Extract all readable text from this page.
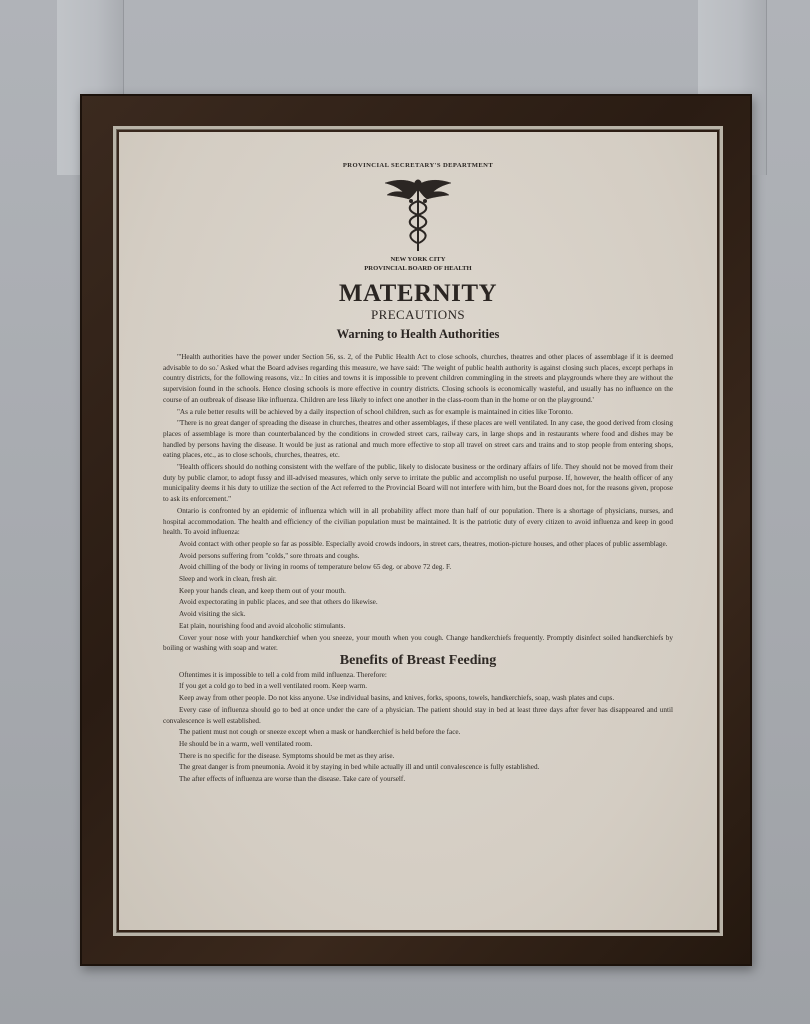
PROVINCIAL SECRETARY'S DEPARTMENT
NEW YORK CITY
PROVINCIAL BOARD OF HEALTH
MATERNITY
PRECAUTIONS
Warning to Health Authorities

"'Health authorities have the power under Section 56, ss. 2, of the Public Health Act to close schools, churches, theatres and other places of assemblage if it is deemed advisable to do so.' Asked what the Board advises regarding this measure, we have said: 'The weight of public health authority is against closing such places, except perhaps in country districts, for the following reasons, viz.: In cities and towns it is impossible to prevent children commingling in the streets and playgrounds where they are without the supervision found in the schools. Hence closing schools is more effective in country districts. Closing schools is economically wasteful, and usually has no influence on the course of an outbreak of disease like influenza. Children are less likely to infect one another in the class-room than in the home or on the playground.'

"As a rule better results will be achieved by a daily inspection of school children, such as for example is maintained in cities like Toronto.

"There is no great danger of spreading the disease in churches, theatres and other assemblages, if these places are well ventilated. In any case, the good derived from closing places of assemblage is more than counterbalanced by the conditions in crowded street cars, railway cars, in large shops and in restaurants where food and dishes may be handled by persons having the disease. It would be just as rational and much more effective to stop all travel on street cars and trains and to stop people from entering shops, eating places, etc., as to close schools, churches, theatres, etc.

"Health officers should do nothing consistent with the welfare of the public, likely to dislocate business or the ordinary affairs of life. They should not be moved from their duty by public clamor, to adopt fussy and ill-advised measures, which only serve to irritate the public and accomplish no useful purpose. If, however, the health officer of any municipality deems it his duty to utilize the section of the Act referred to the Provincial Board will not interfere with him, but the Board does not, for the reasons given, propose to ask its enforcement."

Ontario is confronted by an epidemic of influenza which will in all probability affect more than half of our population. There is a shortage of physicians, nurses, and hospital accommodation. The health and efficiency of the civilian population must be maintained. It is the patriotic duty of every citizen to avoid influenza and keep in good health. To avoid influenza:

Avoid contact with other people so far as possible. Especially avoid crowds indoors, in street cars, theatres, motion-picture houses, and other places of public assemblage.

Avoid persons suffering from "colds," sore throats and coughs.

Avoid chilling of the body or living in rooms of temperature below 65 deg. or above 72 deg. F.

Sleep and work in clean, fresh air.

Keep your hands clean, and keep them out of your mouth.

Avoid expectorating in public places, and see that others do likewise.

Avoid visiting the sick.

Eat plain, nourishing food and avoid alcoholic stimulants.

Cover your nose with your handkerchief when you sneeze, your mouth when you cough. Change handkerchiefs frequently. Promptly disinfect soiled handkerchiefs by boiling or washing with soap and water.

Benefits of Breast Feeding

Oftentimes it is impossible to tell a cold from mild influenza. Therefore:

If you get a cold go to bed in a well ventilated room. Keep warm.

Keep away from other people. Do not kiss anyone. Use individual basins, and knives, forks, spoons, towels, handkerchiefs, soap, wash plates and cups.

Every case of influenza should go to bed at once under the care of a physician. The patient should stay in bed at least three days after fever has disappeared and until convalescence is well established.

The patient must not cough or sneeze except when a mask or handkerchief is held before the face.

He should be in a warm, well ventilated room.

There is no specific for the disease. Symptoms should be met as they arise.

The great danger is from pneumonia. Avoid it by staying in bed while actually ill and until convalescence is fully established.

The after effects of influenza are worse than the disease. Take care of yourself.
